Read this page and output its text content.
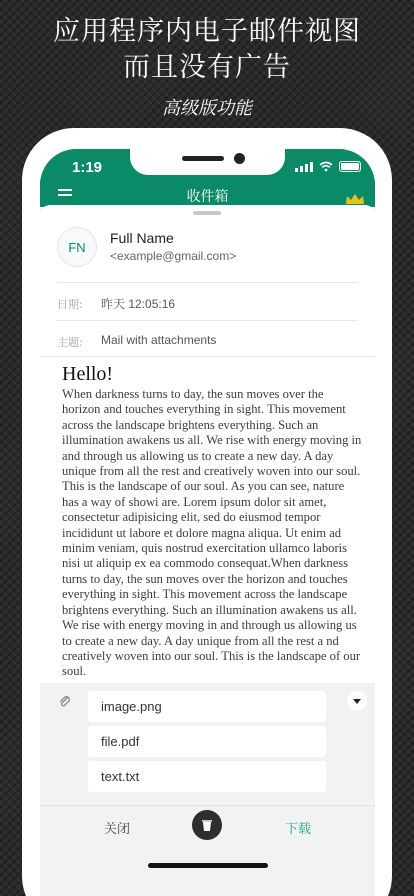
应用程序内电子邮件视图
而且没有广告
高级版功能
1:19
收件箱
FN
Full Name
<example@gmail.com>
日期: 昨天 12:05:16
主题: Mail with attachments
Hello!

When darkness turns to day, the sun moves over the horizon and touches everything in sight. This movement across the landscape brightens everything. Such an illumination awakens us all. We rise with energy moving in and through us allowing us to create a new day. A day unique from all the rest and creatively woven into our soul. This is the landscape of our soul. As you can see, nature has a way of showi are. Lorem ipsum dolor sit amet, consectetur adipisicing elit, sed do eiusmod tempor incididunt ut labore et dolore magna aliqua. Ut enim ad minim veniam, quis nostrud exercitation ullamco laboris nisi ut aliquip ex ea commodo consequat.When darkness turns to day, the sun moves over the horizon and touches everything in sight. This movement across the landscape brightens everything. Such an illumination awakens us all. We rise with energy moving in and through us allowing us to create a new day. A day unique from all the rest a nd creatively woven into our soul. This is the landscape of our soul.

image.png
file.pdf
text.txt
关闭	下载
